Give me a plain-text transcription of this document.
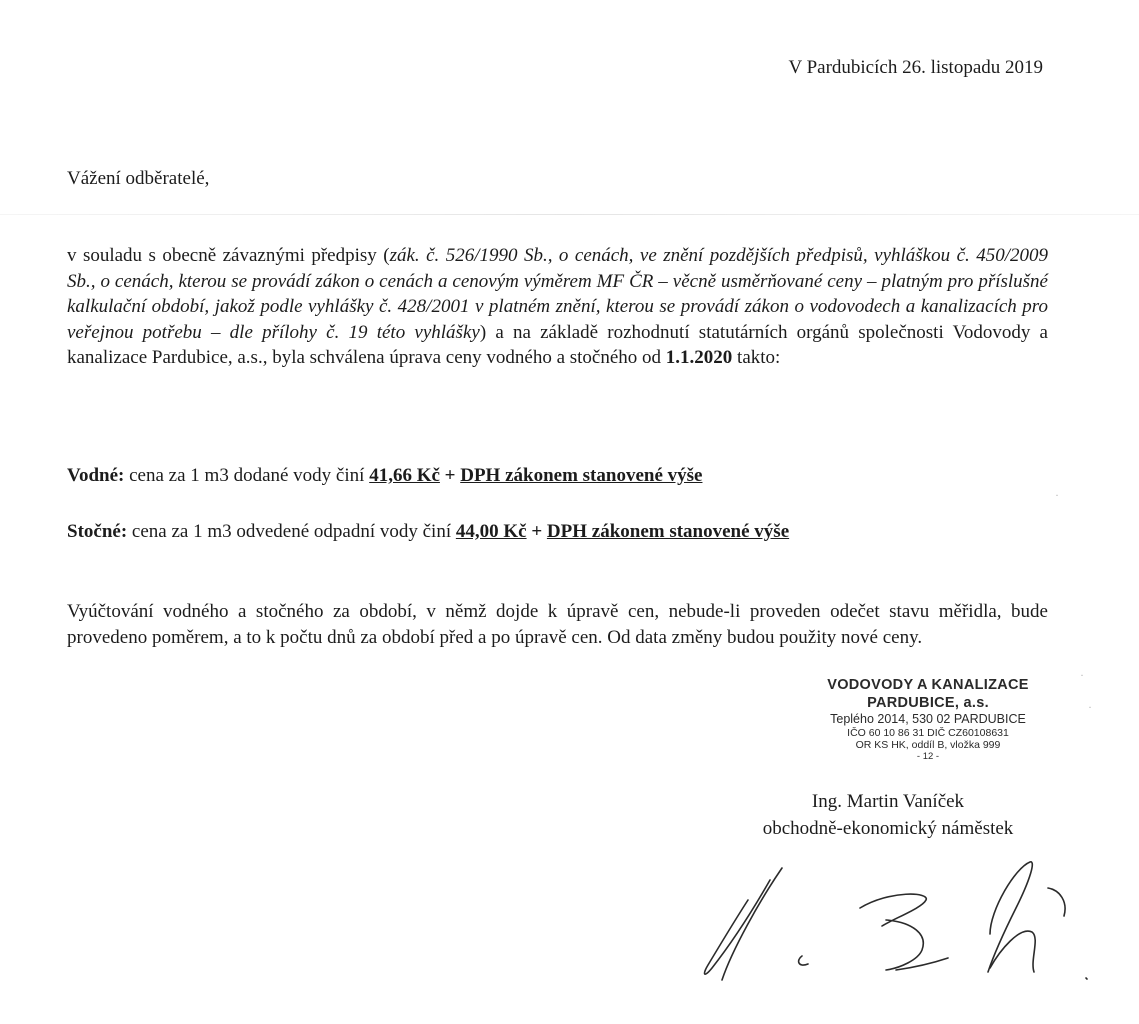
V Pardubicích 26. listopadu 2019
Vážení odběratelé,
v souladu s obecně závaznými předpisy (zák. č. 526/1990 Sb., o cenách, ve znění pozdějších předpisů, vyhláškou č. 450/2009 Sb., o cenách, kterou se provádí zákon o cenách a cenovým výměrem MF ČR – věcně usměrňované ceny – platným pro příslušné kalkulační období, jakož podle vyhlášky č. 428/2001 v platném znění, kterou se provádí zákon o vodovodech a kanalizacích pro veřejnou potřebu – dle přílohy č. 19 této vyhlášky) a na základě rozhodnutí statutárních orgánů společnosti Vodovody a kanalizace Pardubice, a.s., byla schválena úprava ceny vodného a stočného od 1.1.2020 takto:
Vodné: cena za 1 m3 dodané vody činí 41,66 Kč + DPH zákonem stanovené výše
Stočné: cena za 1 m3 odvedené odpadní vody činí 44,00 Kč + DPH zákonem stanovené výše
Vyúčtování vodného a stočného za období, v němž dojde k úpravě cen, nebude-li proveden odečet stavu měřidla, bude provedeno poměrem, a to k počtu dnů za období před a po úpravě cen. Od data změny budou použity nové ceny.
VODOVODY A KANALIZACE
PARDUBICE, a.s.
Teplého 2014, 530 02 PARDUBICE
IČO 60 10 86 31 DIČ CZ60108631
OR KS HK, oddíl B, vložka 999
- 12 -
Ing. Martin Vaníček
obchodně-ekonomický náměstek
·
·
·
